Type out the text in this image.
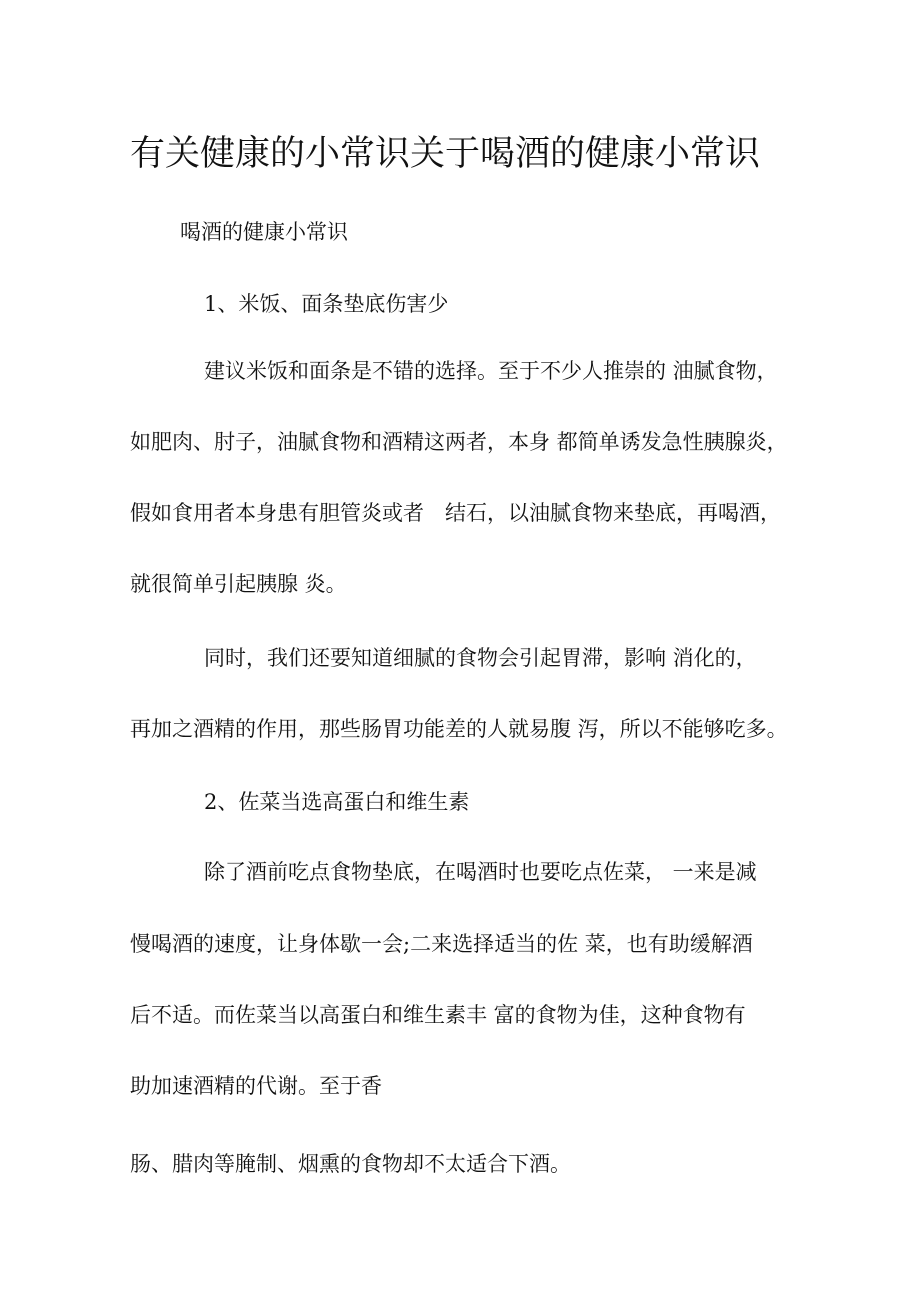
有关健康的小常识关于喝酒的健康小常识

喝酒的健康小常识

1、米饭、面条垫底伤害少

建议米饭和面条是不错的选择。至于不少人推崇的 油腻食物，

如肥肉、肘子，油腻食物和酒精这两者，本身 都简单诱发急性胰腺炎，

假如食用者本身患有胆管炎或者　结石，以油腻食物来垫底，再喝酒，

就很简单引起胰腺 炎。

同时，我们还要知道细腻的食物会引起胃滞，影响 消化的，

再加之酒精的作用，那些肠胃功能差的人就易腹 泻，所以不能够吃多。

2、佐菜当选高蛋白和维生素

除了酒前吃点食物垫底，在喝酒时也要吃点佐菜， 一来是减

慢喝酒的速度，让身体歇一会;二来选择适当的佐 菜，也有助缓解酒

后不适。而佐菜当以高蛋白和维生素丰 富的食物为佳，这种食物有

助加速酒精的代谢。至于香

肠、腊肉等腌制、烟熏的食物却不太适合下酒。
